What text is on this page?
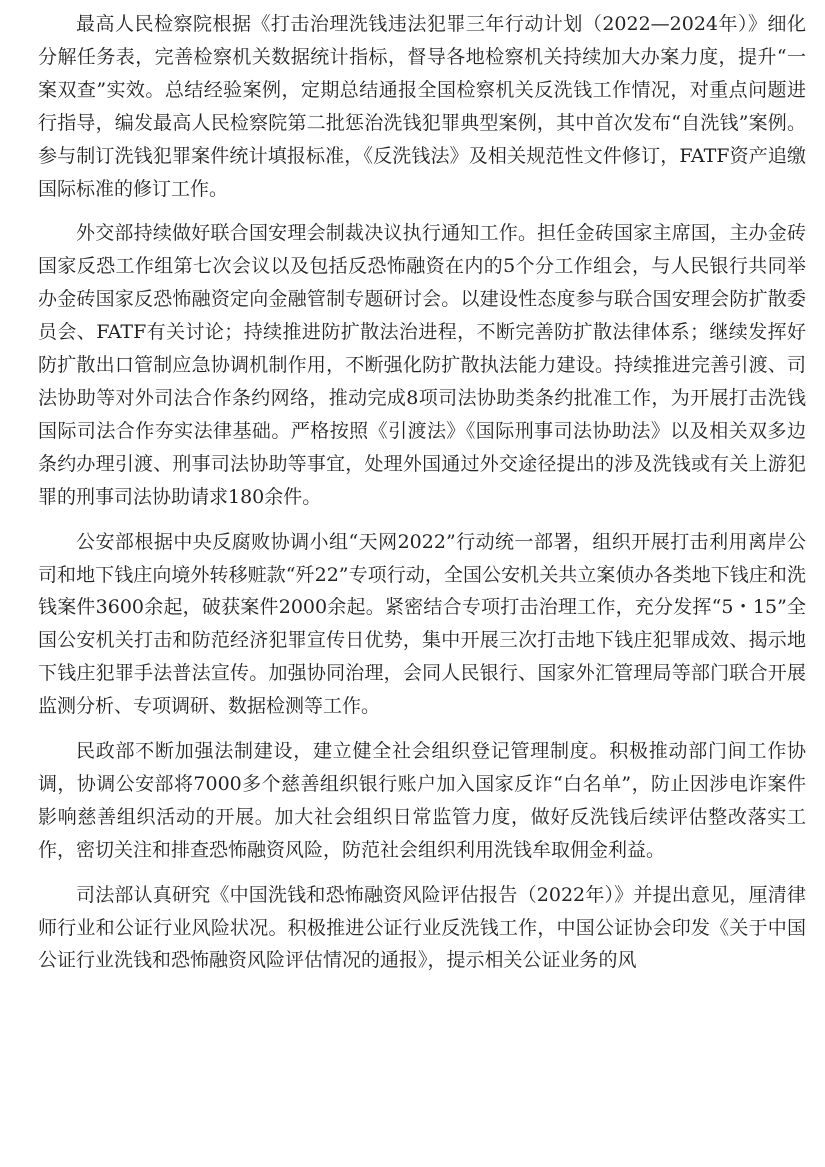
最高人民检察院根据《打击治理洗钱违法犯罪三年行动计划（2022—2024年）》细化分解任务表，完善检察机关数据统计指标，督导各地检察机关持续加大办案力度，提升“一案双查”实效。总结经验案例，定期总结通报全国检察机关反洗钱工作情况，对重点问题进行指导，编发最高人民检察院第二批惩治洗钱犯罪典型案例，其中首次发布“自洗钱”案例。参与制订洗钱犯罪案件统计填报标准，《反洗钱法》及相关规范性文件修订，FATF资产追缴国际标准的修订工作。

外交部持续做好联合国安理会制裁决议执行通知工作。担任金砖国家主席国，主办金砖国家反恐工作组第七次会议以及包括反恐怖融资在内的5个分工作组会，与人民银行共同举办金砖国家反恐怖融资定向金融管制专题研讨会。以建设性态度参与联合国安理会防扩散委员会、FATF有关讨论；持续推进防扩散法治进程，不断完善防扩散法律体系；继续发挥好防扩散出口管制应急协调机制作用，不断强化防扩散执法能力建设。持续推进完善引渡、司法协助等对外司法合作条约网络，推动完成8项司法协助类条约批准工作，为开展打击洗钱国际司法合作夯实法律基础。严格按照《引渡法》《国际刑事司法协助法》以及相关双多边条约办理引渡、刑事司法协助等事宜，处理外国通过外交途径提出的涉及洗钱或有关上游犯罪的刑事司法协助请求180余件。

公安部根据中央反腐败协调小组“天网2022”行动统一部署，组织开展打击利用离岸公司和地下钱庄向境外转移赃款“歼22”专项行动，全国公安机关共立案侦办各类地下钱庄和洗钱案件3600余起，破获案件2000余起。紧密结合专项打击治理工作，充分发挥“5・15”全国公安机关打击和防范经济犯罪宣传日优势，集中开展三次打击地下钱庄犯罪成效、揭示地下钱庄犯罪手法普法宣传。加强协同治理，会同人民银行、国家外汇管理局等部门联合开展监测分析、专项调研、数据检测等工作。

民政部不断加强法制建设，建立健全社会组织登记管理制度。积极推动部门间工作协调，协调公安部将7000多个慈善组织银行账户加入国家反诈“白名单”，防止因涉电诈案件影响慈善组织活动的开展。加大社会组织日常监管力度，做好反洗钱后续评估整改落实工作，密切关注和排查恐怖融资风险，防范社会组织利用洗钱牟取佣金利益。

司法部认真研究《中国洗钱和恐怖融资风险评估报告（2022年）》并提出意见，厘清律师行业和公证行业风险状况。积极推进公证行业反洗钱工作，中国公证协会印发《关于中国公证行业洗钱和恐怖融资风险评估情况的通报》，提示相关公证业务的风
